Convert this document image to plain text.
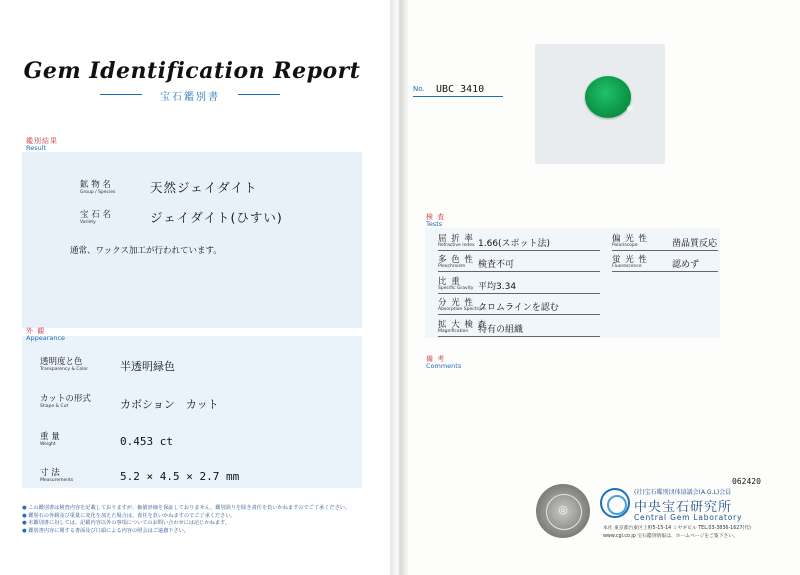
Gem Identification Report
宝石鑑別書
鑑別結果
Result
鉱 物 名
Group / Species	天然ジェイダイト
宝 石 名
Variety	ジェイダイト(ひすい)
通常、ワックス加工が行われています。
外 観
Appearance
透明度と色
Transparency & Color	半透明緑色
カットの形式
Shape & Cut	カボション　カット
重 量
Weight	0.453 ct
寸 法
Measurements	5.2 × 4.5 × 2.7 mm
● この鑑別書は検査内容を記載しておりますが、価値評価を保証しておりません。鑑別誤りを除き責任を負いかねますのでご了承ください。
● 鑑別石の外観及び重量に変化を加えた場合は、責任を負いかねますのでご了承ください。
● 本鑑別書に対しては、記載内容以外の事項についてのお問い合わせには応じかねます。
● 鑑別書内容に関する書面及び口頭による内容の照会はご遠慮下さい。
No. UBC 3410
検 査
Tests
屈 折 率
Refractive Index 1.66(スポット法)
多 色 性
Pleochroism 検査不可
比 重
Specific Gravity 平均3.34
分 光 性
Absorption Spectrum
クロムラインを認む
拡 大 検 査
Magnification 特有の組織
偏 光 性
Polariscope	凿晶質反応
蛍 光 性
Fluorescence	認めず
備 考
Comments
062420
◎
(社)宝石鑑別団体協議会(A.G.L)会員
中央宝石研究所
Central Gem Laboratory
本社 東京都台東区上野5-15-14 ミヤギビル TEL.03-3836-1627(代)
www.cgl.co.jp 宝石鑑別情報は、ホームページをご覧下さい。
